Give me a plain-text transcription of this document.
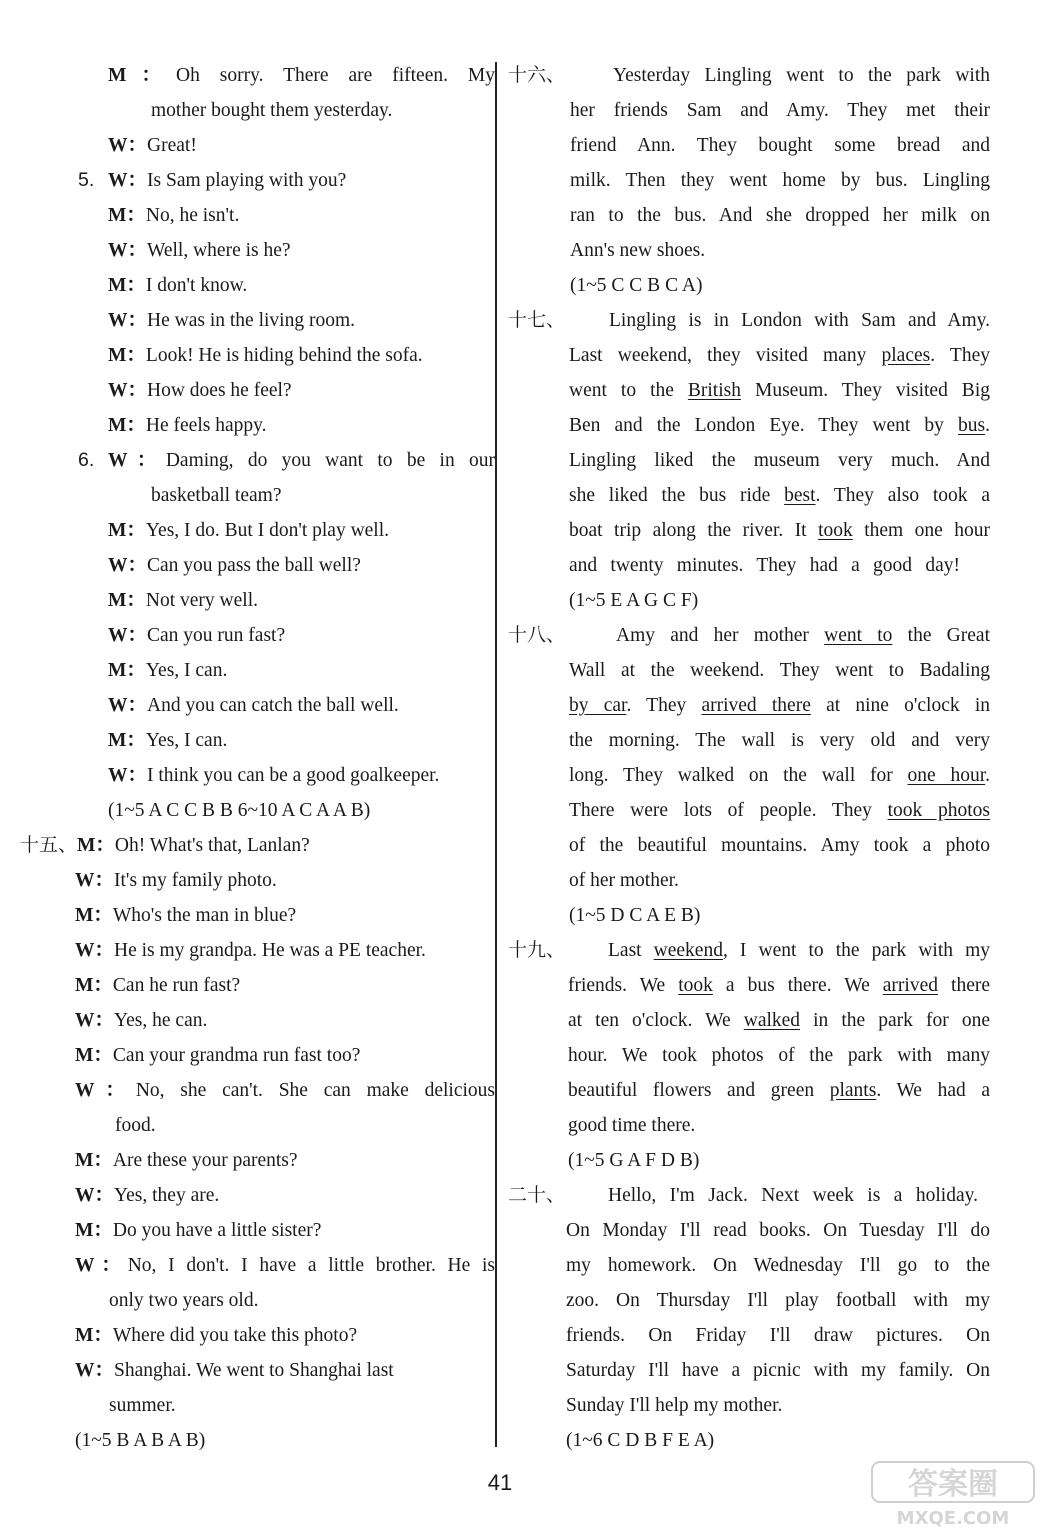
M：Oh sorry. There are fifteen. My
mother bought them yesterday.
W：Great!
5. W：Is Sam playing with you?
M：No, he isn't.
W：Well, where is he?
M：I don't know.
W：He was in the living room.
M：Look! He is hiding behind the sofa.
W：How does he feel?
M：He feels happy.
6. W：Daming, do you want to be in our
basketball team?
M：Yes, I do. But I don't play well.
W：Can you pass the ball well?
M：Not very well.
W：Can you run fast?
M：Yes, I can.
W：And you can catch the ball well.
M：Yes, I can.
W：I think you can be a good goalkeeper.
(1~5 A C C B B 6~10 A C A A B)
十五、M：Oh! What's that, Lanlan?
W：It's my family photo.
M：Who's the man in blue?
W：He is my grandpa. He was a PE teacher.
M：Can he run fast?
W：Yes, he can.
M：Can your grandma run fast too?
W：No, she can't. She can make delicious
food.
M：Are these your parents?
W：Yes, they are.
M：Do you have a little sister?
W：No, I don't. I have a little brother. He is
only two years old.
M：Where did you take this photo?
W：Shanghai. We went to Shanghai last
summer.
(1~5 B A B A B)
十六、 Yesterday Lingling went to the park with
her friends Sam and Amy. They met their
friend Ann. They bought some bread and
milk. Then they went home by bus. Lingling
ran to the bus. And she dropped her milk on
Ann's new shoes.
(1~5 C C B C A)
十七、 Lingling is in London with Sam and Amy.
Last weekend, they visited many places. They
went to the British Museum. They visited Big
Ben and the London Eye. They went by bus.
Lingling liked the museum very much. And
she liked the bus ride best. They also took a
boat trip along the river. It took them one hour
and twenty minutes. They had a good day!
(1~5 E A G C F)
十八、	Amy and her mother went to the Great
Wall at the weekend. They went to Badaling
by car. They arrived there at nine o'clock in
the morning. The wall is very old and very
long. They walked on the wall for one hour.
There were lots of people. They took photos
of the beautiful mountains. Amy took a photo
of her mother.
(1~5 D C A E B)
十九、 Last weekend, I went to the park with my
friends. We took a bus there. We arrived there
at ten o'clock. We walked in the park for one
hour. We took photos of the park with many
beautiful flowers and green plants. We had a
good time there.
(1~5 G A F D B)
二十、 Hello, I'm Jack. Next week is a holiday.
On Monday I'll read books. On Tuesday I'll do
my homework. On Wednesday I'll go to the
zoo. On Thursday I'll play football with my
friends. On Friday I'll draw pictures. On
Saturday I'll have a picnic with my family. On
Sunday I'll help my mother.
(1~6 C D B F E A)
41	答案圈
MXQE.COM
